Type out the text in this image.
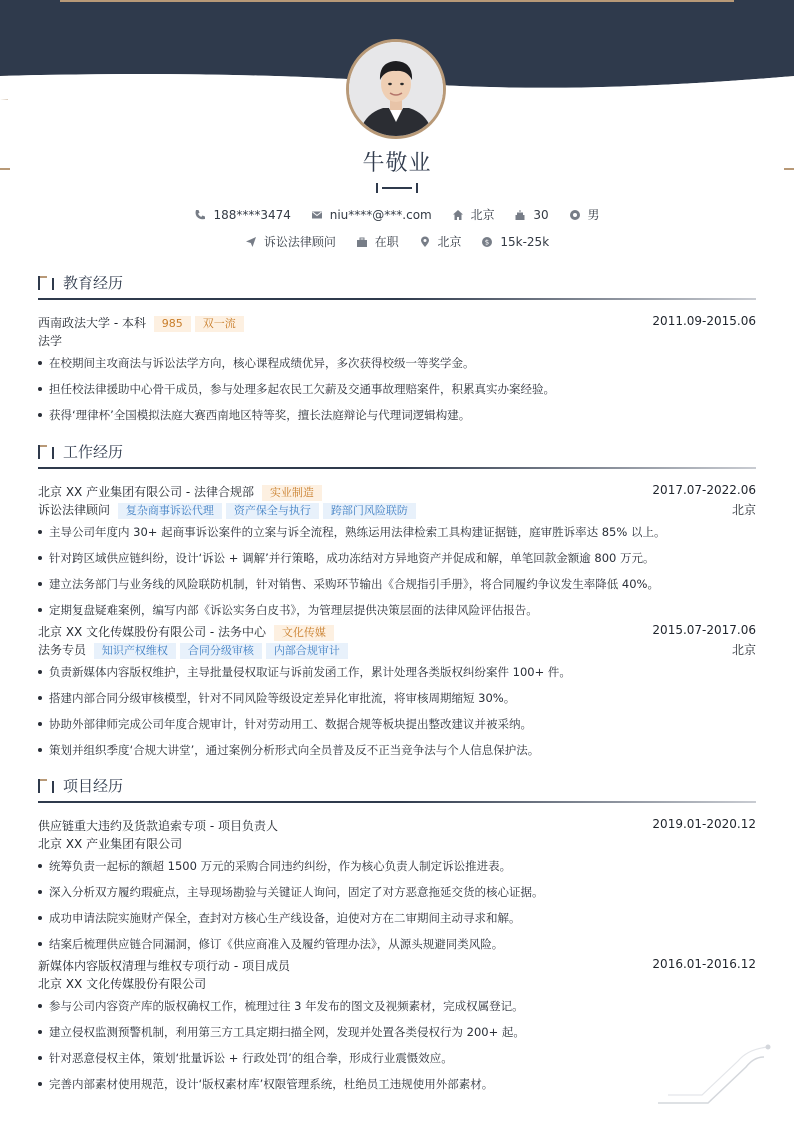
牛敬业
188****3474
	niu****@***.com
	北京
	30
	男
诉讼法律顾问
	在职
	北京
	$ 15k-25k
教育经历
西南政法大学 - 本科 985 双一流	2011.09-2015.06
法学
在校期间主攻商法与诉讼法学方向，核心课程成绩优异，多次获得校级一等奖学金。
担任校法律援助中心骨干成员，参与处理多起农民工欠薪及交通事故理赔案件，积累真实办案经验。
获得‘理律杯’全国模拟法庭大赛西南地区特等奖，擅长法庭辩论与代理词逻辑构建。
工作经历
北京 XX 产业集团有限公司 - 法律合规部 实业制造	2017.07-2022.06
诉讼法律顾问 复杂商事诉讼代理 资产保全与执行 跨部门风险联防	北京
主导公司年度内 30+ 起商事诉讼案件的立案与诉全流程，熟练运用法律检索工具构建证据链，庭审胜诉率达 85% 以上。
针对跨区域供应链纠纷，设计‘诉讼 + 调解’并行策略，成功冻结对方异地资产并促成和解，单笔回款金额逾 800 万元。
建立法务部门与业务线的风险联防机制，针对销售、采购环节输出《合规指引手册》，将合同履约争议发生率降低 40%。
定期复盘疑难案例，编写内部《诉讼实务白皮书》，为管理层提供决策层面的法律风险评估报告。
北京 XX 文化传媒股份有限公司 - 法务中心 文化传媒	2015.07-2017.06
法务专员 知识产权维权 合同分级审核 内部合规审计	北京
负责新媒体内容版权维护，主导批量侵权取证与诉前发函工作，累计处理各类版权纠纷案件 100+ 件。
搭建内部合同分级审核模型，针对不同风险等级设定差异化审批流，将审核周期缩短 30%。
协助外部律师完成公司年度合规审计，针对劳动用工、数据合规等板块提出整改建议并被采纳。
策划并组织季度‘合规大讲堂’，通过案例分析形式向全员普及反不正当竞争法与个人信息保护法。
项目经历
供应链重大违约及货款追索专项 - 项目负责人	2019.01-2020.12
北京 XX 产业集团有限公司
统筹负责一起标的额超 1500 万元的采购合同违约纠纷，作为核心负责人制定诉讼推进表。
深入分析双方履约瑕疵点，主导现场勘验与关键证人询问，固定了对方恶意拖延交货的核心证据。
成功申请法院实施财产保全，查封对方核心生产线设备，迫使对方在二审期间主动寻求和解。
结案后梳理供应链合同漏洞，修订《供应商准入及履约管理办法》，从源头规避同类风险。
新媒体内容版权清理与维权专项行动 - 项目成员	2016.01-2016.12
北京 XX 文化传媒股份有限公司
参与公司内容资产库的版权确权工作，梳理过往 3 年发布的图文及视频素材，完成权属登记。
建立侵权监测预警机制，利用第三方工具定期扫描全网，发现并处置各类侵权行为 200+ 起。
针对恶意侵权主体，策划‘批量诉讼 + 行政处罚’的组合拳，形成行业震慑效应。
完善内部素材使用规范，设计‘版权素材库’权限管理系统，杜绝员工违规使用外部素材。
